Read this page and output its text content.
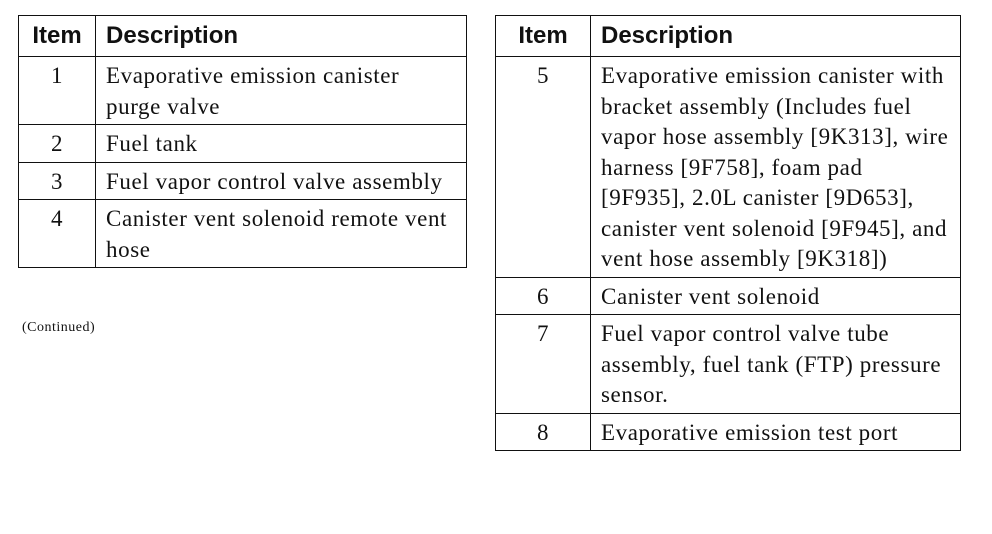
Item	Description
1	Evaporative emission canister purge valve
2	Fuel tank
3	Fuel vapor control valve assembly
4	Canister vent solenoid remote vent hose
(Continued)
Item	Description
5	Evaporative emission canister with bracket assembly (Includes fuel vapor hose assembly [9K313], wire harness [9F758], foam pad [9F935], 2.0L canister [9D653], canister vent solenoid [9F945], and vent hose assembly [9K318])
6	Canister vent solenoid
7	Fuel vapor control valve tube assembly, fuel tank (FTP) pressure sensor.
8	Evaporative emission test port
